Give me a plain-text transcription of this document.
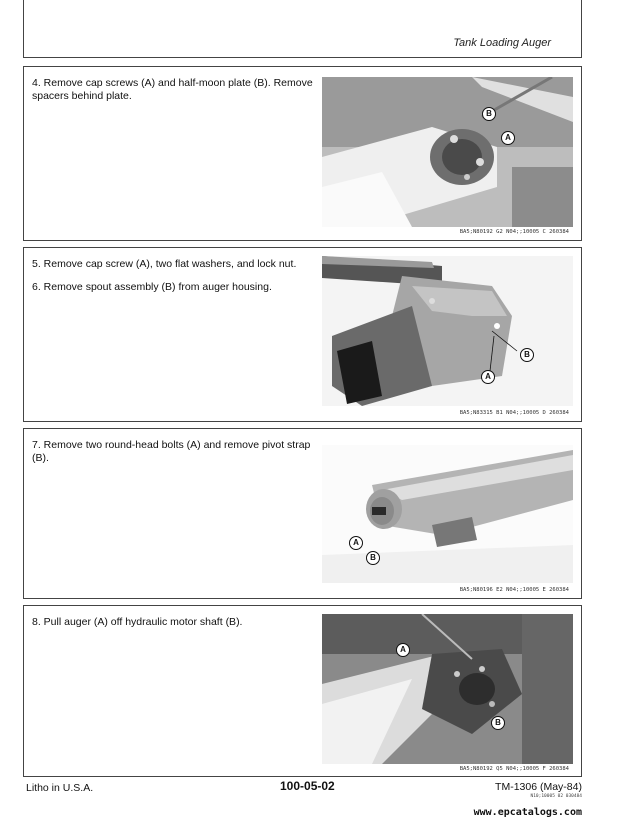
Tank Loading Auger

4. Remove cap screws (A) and half-moon plate (B). Remove spacers behind plate.

B
A
BA5;N80192 G2 N04;;10005 C 260384

5. Remove cap screw (A), two flat washers, and lock nut.

6. Remove spout assembly (B) from auger housing.

B
A
BA5;N83315 B1 N04;;10005 D 260384

7. Remove two round-head bolts (A) and remove pivot strap (B).

A
B
BA5;N80196 E2 N04;;10005 E 260384

8. Pull auger (A) off hydraulic motor shaft (B).

A
B
BA5;N80192 Q5 N04;;10005 F 260384
Litho in U.S.A.	100-05-02	TM-1306 (May-84)
N10;10005 02 030484
www.epcatalogs.com
